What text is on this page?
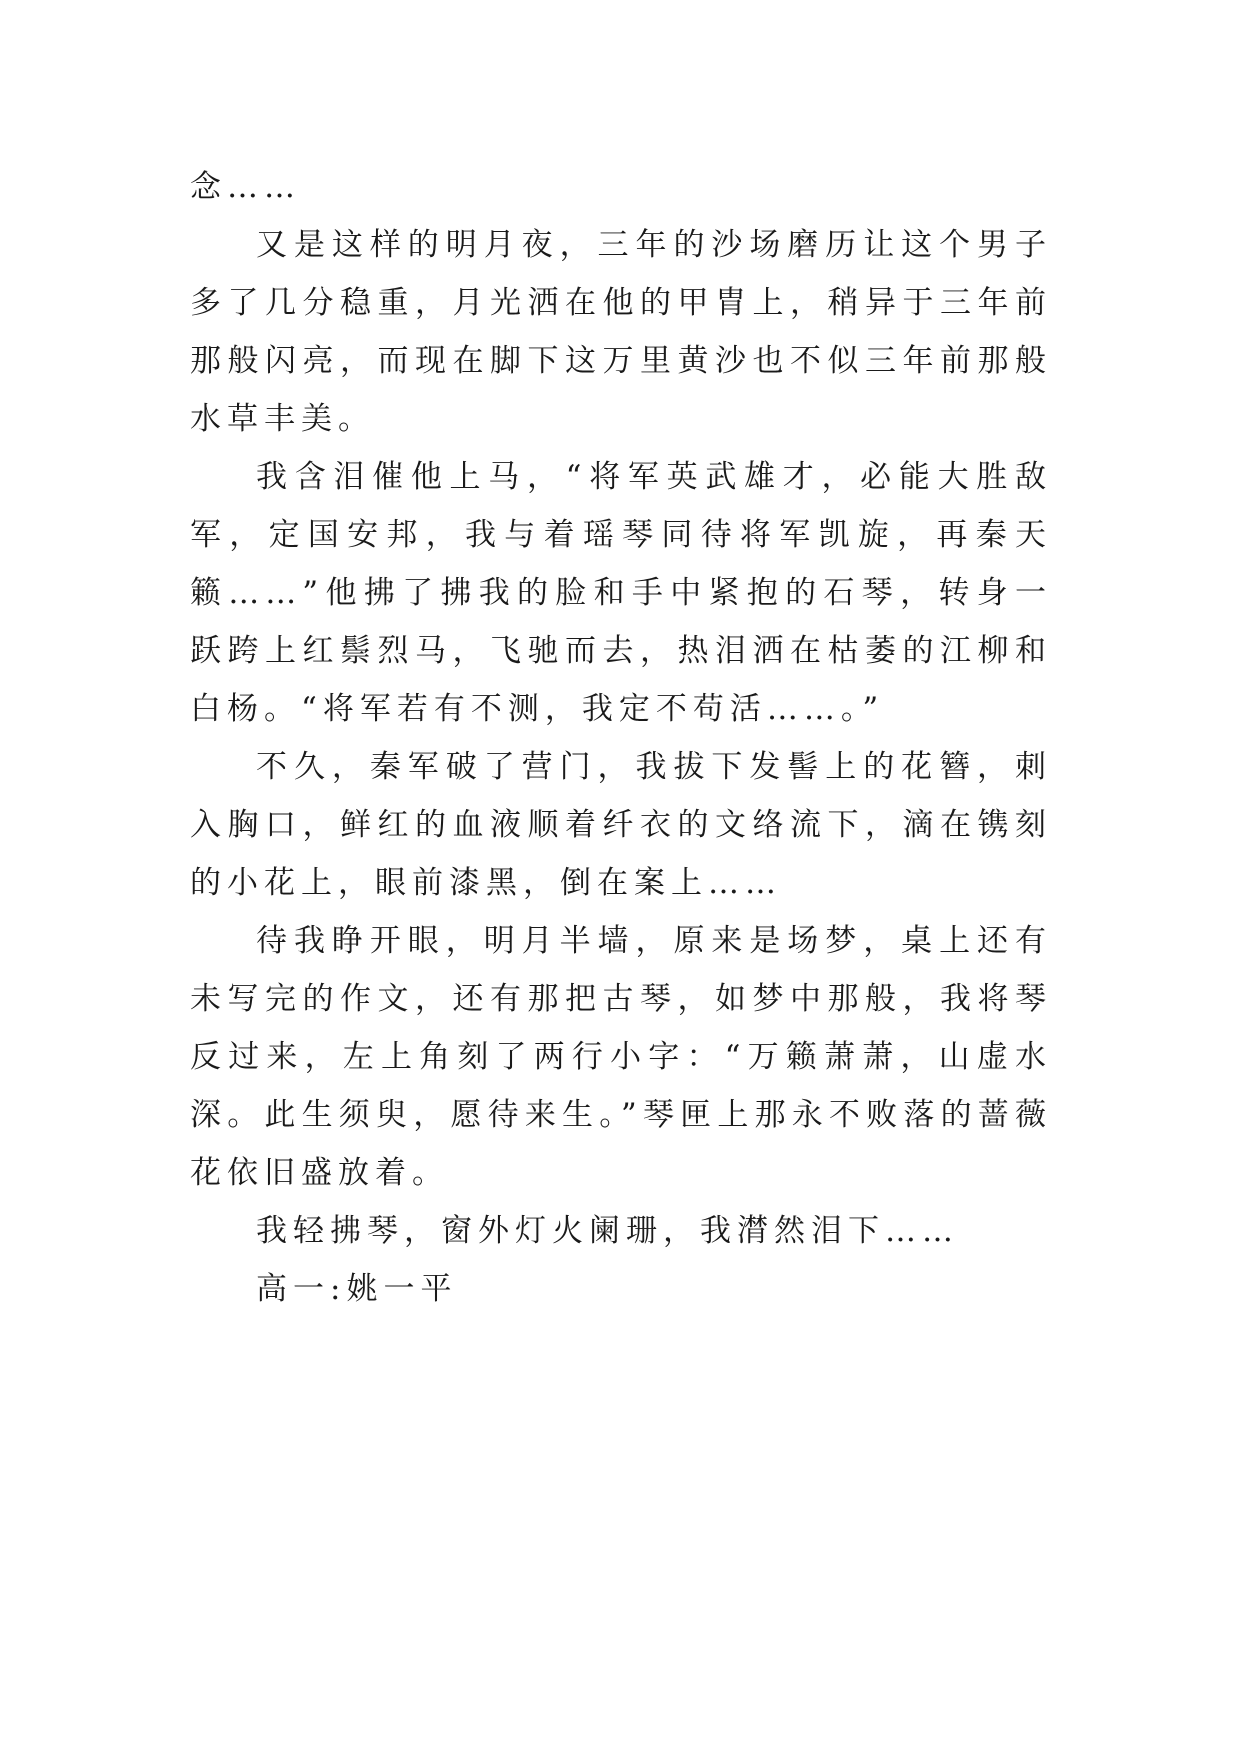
念……

又是这样的明月夜，三年的沙场磨历让这个男子多了几分稳重，月光洒在他的甲胄上，稍异于三年前那般闪亮，而现在脚下这万里黄沙也不似三年前那般水草丰美。

我含泪催他上马，“将军英武雄才，必能大胜敌军，定国安邦，我与着瑶琴同待将军凯旋，再秦天籁……”他拂了拂我的脸和手中紧抱的石琴，转身一跃跨上红鬃烈马，飞驰而去，热泪洒在枯萎的江柳和白杨。“将军若有不测，我定不苟活……。”

不久，秦军破了营门，我拔下发髻上的花簪，刺入胸口，鲜红的血液顺着纤衣的文络流下，滴在镌刻的小花上，眼前漆黑，倒在案上……

待我睁开眼，明月半墙，原来是场梦，桌上还有未写完的作文，还有那把古琴，如梦中那般，我将琴反过来，左上角刻了两行小字：“万籁萧萧，山虚水深。此生须臾，愿待来生。”琴匣上那永不败落的蔷薇花依旧盛放着。

我轻拂琴，窗外灯火阑珊，我潸然泪下……

高一:姚一平
